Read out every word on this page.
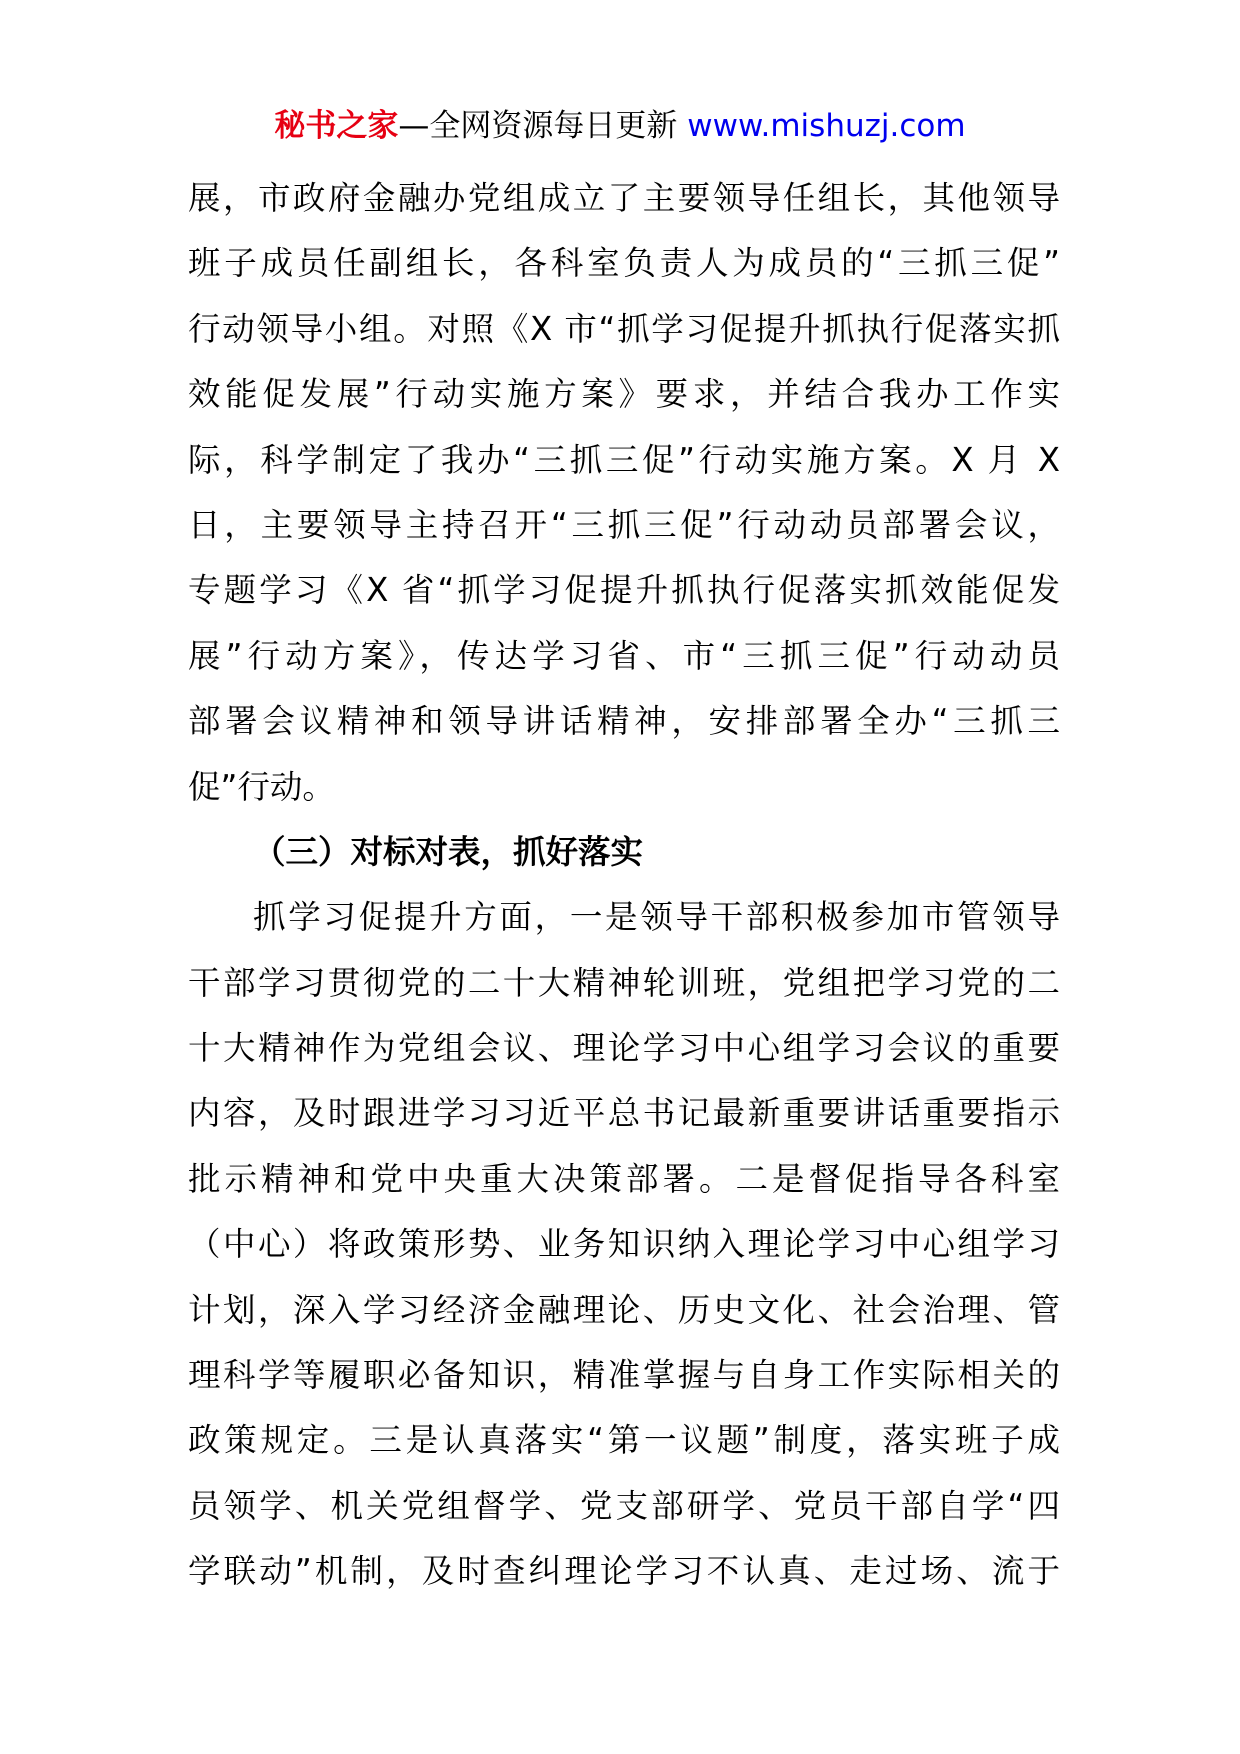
秘书之家—全网资源每日更新 www.mishuzj.com
展，市政府金融办党组成立了主要领导任组长，其他领导
班子成员任副组长，各科室负责人为成员的“三抓三促”
行动领导小组。对照《X 市“抓学习促提升抓执行促落实抓
效能促发展”行动实施方案》要求，并结合我办工作实
际，科学制定了我办“三抓三促”行动实施方案。X 月 X
日，主要领导主持召开“三抓三促”行动动员部署会议，
专题学习《X 省“抓学习促提升抓执行促落实抓效能促发
展”行动方案》，传达学习省、市“三抓三促”行动动员
部署会议精神和领导讲话精神，安排部署全办“三抓三
促”行动。
（三）对标对表，抓好落实
抓学习促提升方面，一是领导干部积极参加市管领导
干部学习贯彻党的二十大精神轮训班，党组把学习党的二
十大精神作为党组会议、理论学习中心组学习会议的重要
内容，及时跟进学习习近平总书记最新重要讲话重要指示
批示精神和党中央重大决策部署。二是督促指导各科室
（中心）将政策形势、业务知识纳入理论学习中心组学习
计划，深入学习经济金融理论、历史文化、社会治理、管
理科学等履职必备知识，精准掌握与自身工作实际相关的
政策规定。三是认真落实“第一议题”制度，落实班子成
员领学、机关党组督学、党支部研学、党员干部自学“四
学联动”机制，及时查纠理论学习不认真、走过场、流于
